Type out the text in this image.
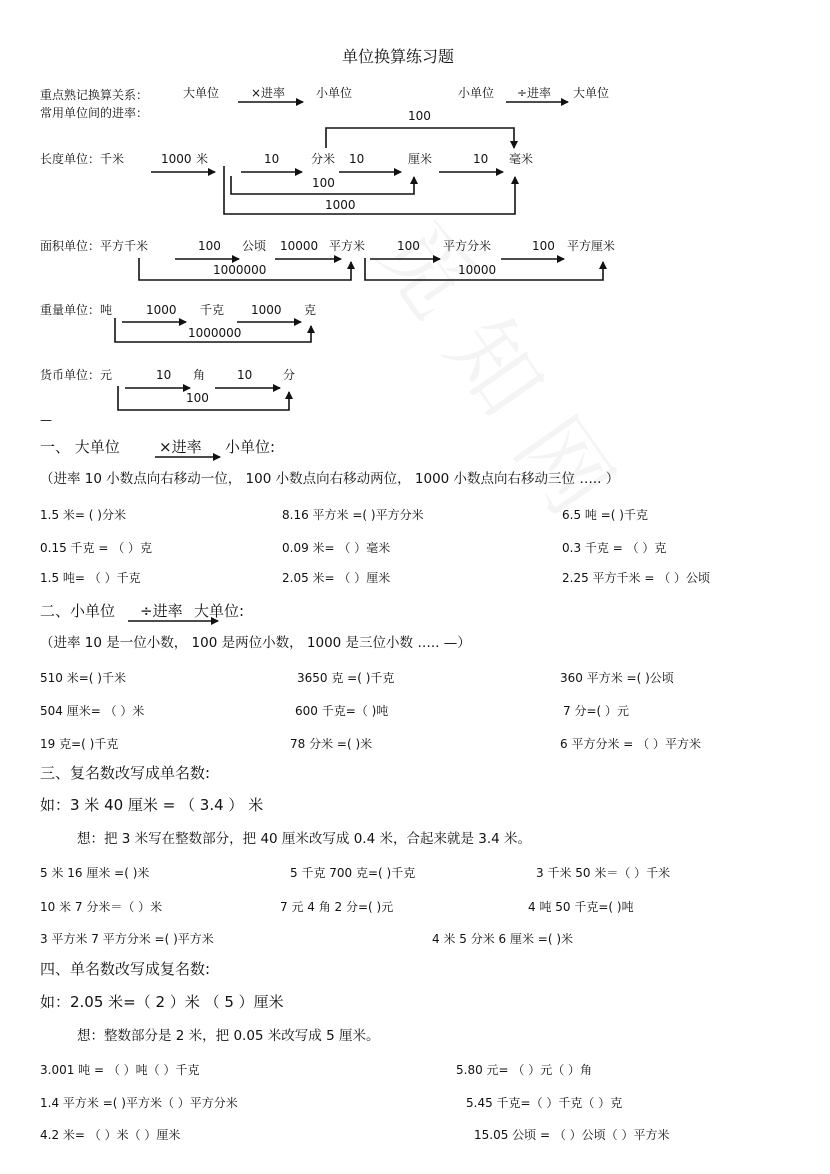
单位换算练习题
重点熟记换算关系：	大单位	×进率	小单位	小单位 ÷进率 大单位
常用单位间的进率：	100
长度单位：千米	1000 米	10	分米 10	厘米	10 毫米
100
1000
面积单位：平方千米	100 公顷 10000 平方米	100 平方分米	100 平方厘米
1000000	10000
重量单位：吨	1000 千克 1000 克
1000000
货币单位：元	10 角	10	分
100
—
一、 大单位	×进率 小单位:
（进率 10 小数点向右移动一位， 100 小数点向右移动两位， 1000 小数点向右移动三位 ….. ）
1.5 米= ( )分米	8.16 平方米 =( )平方分米	6.5 吨 =( )千克
0.15 千克 = （ ）克	0.09 米= （ ）毫米	0.3 千克 = （ ）克
1.5 吨= （ ）千克	2.05 米= （ ）厘米	2.25 平方千米 = （ ）公顷
二、小单位 ÷进率 大单位:
（进率 10 是一位小数， 100 是两位小数， 1000 是三位小数 ….. —）
510 米=( )千米	3650 克 =( )千克	360 平方米 =( )公顷
504 厘米= （ ）米	600 千克=（ )吨	7 分=( ）元
19 克=( )千克	78 分米 =( )米	6 平方分米 = （ ）平方米
三、复名数改写成单名数:
如：3 米 40 厘米 = （ 3.4 ） 米
想：把 3 米写在整数部分，把 40 厘米改写成 0.4 米，合起来就是 3.4 米。
5 米 16 厘米 =( )米	5 千克 700 克=( )千克	3 千米 50 米＝（ ）千米
10 米 7 分米＝（ ）米	7 元 4 角 2 分=( )元	4 吨 50 千克=( )吨
3 平方米 7 平方分米 =( )平方米	4 米 5 分米 6 厘米 =( )米
四、单名数改写成复名数:
如：2.05 米=（ 2 ）米 （ 5 ）厘米
想：整数部分是 2 米，把 0.05 米改写成 5 厘米。
3.001 吨 = （ ）吨（ ）千克	5.80 元= （ ）元（ ）角
1.4 平方米 =( )平方米（ ）平方分米	5.45 千克=（ ）千克（ ）克
4.2 米= （ ）米（ ）厘米	15.05 公顷 = （ ）公顷（ ）平方米
